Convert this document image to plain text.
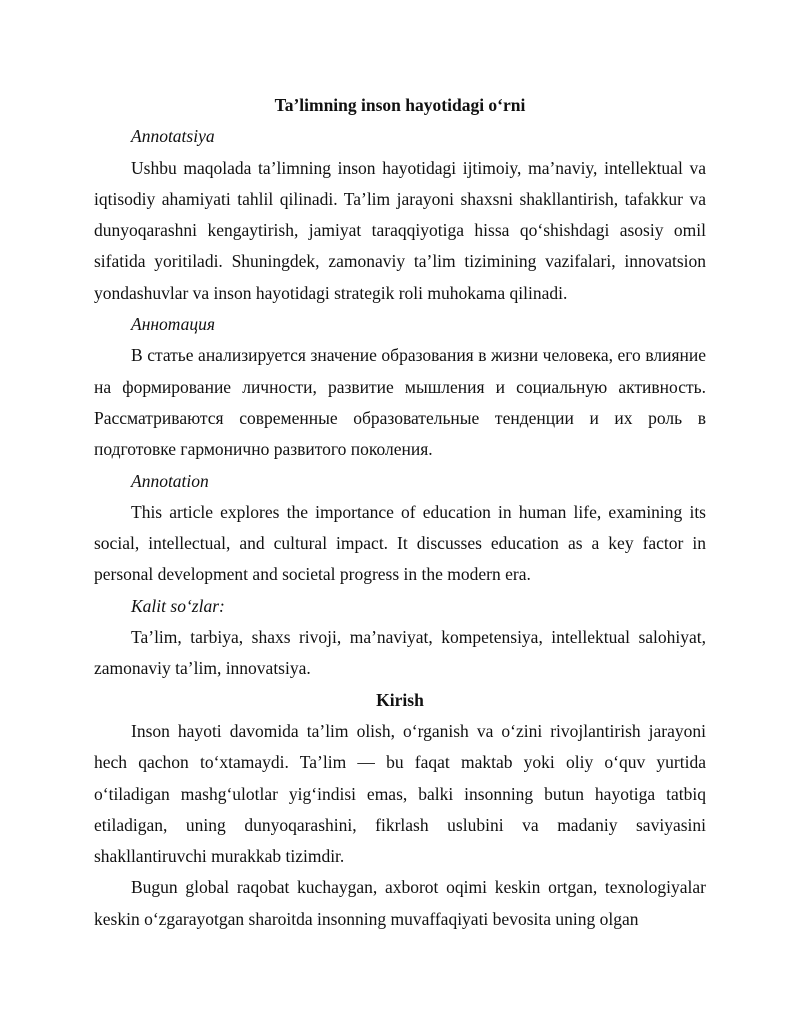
Ta’limning inson hayotidagi o‘rni

Annotatsiya

Ushbu maqolada ta’limning inson hayotidagi ijtimoiy, ma’naviy, intellektual va iqtisodiy ahamiyati tahlil qilinadi. Ta’lim jarayoni shaxsni shakllantirish, tafakkur va dunyoqarashni kengaytirish, jamiyat taraqqiyotiga hissa qo‘shishdagi asosiy omil sifatida yoritiladi. Shuningdek, zamonaviy ta’lim tizimining vazifalari, innovatsion yondashuvlar va inson hayotidagi strategik roli muhokama qilinadi.

Аннотация

В статье анализируется значение образования в жизни человека, его влияние на формирование личности, развитие мышления и социальную активность. Рассматриваются современные образовательные тенденции и их роль в подготовке гармонично развитого поколения.

Annotation

This article explores the importance of education in human life, examining its social, intellectual, and cultural impact. It discusses education as a key factor in personal development and societal progress in the modern era.

Kalit so‘zlar:

Ta’lim, tarbiya, shaxs rivoji, ma’naviyat, kompetensiya, intellektual salohiyat, zamonaviy ta’lim, innovatsiya.

Kirish

Inson hayoti davomida ta’lim olish, o‘rganish va o‘zini rivojlantirish jarayoni hech qachon to‘xtamaydi. Ta’lim — bu faqat maktab yoki oliy o‘quv yurtida o‘tiladigan mashg‘ulotlar yig‘indisi emas, balki insonning butun hayotiga tatbiq etiladigan, uning dunyoqarashini, fikrlash uslubini va madaniy saviyasini shakllantiruvchi murakkab tizimdir.

Bugun global raqobat kuchaygan, axborot oqimi keskin ortgan, texnologiyalar keskin o‘zgarayotgan sharoitda insonning muvaffaqiyati bevosita uning olgan
